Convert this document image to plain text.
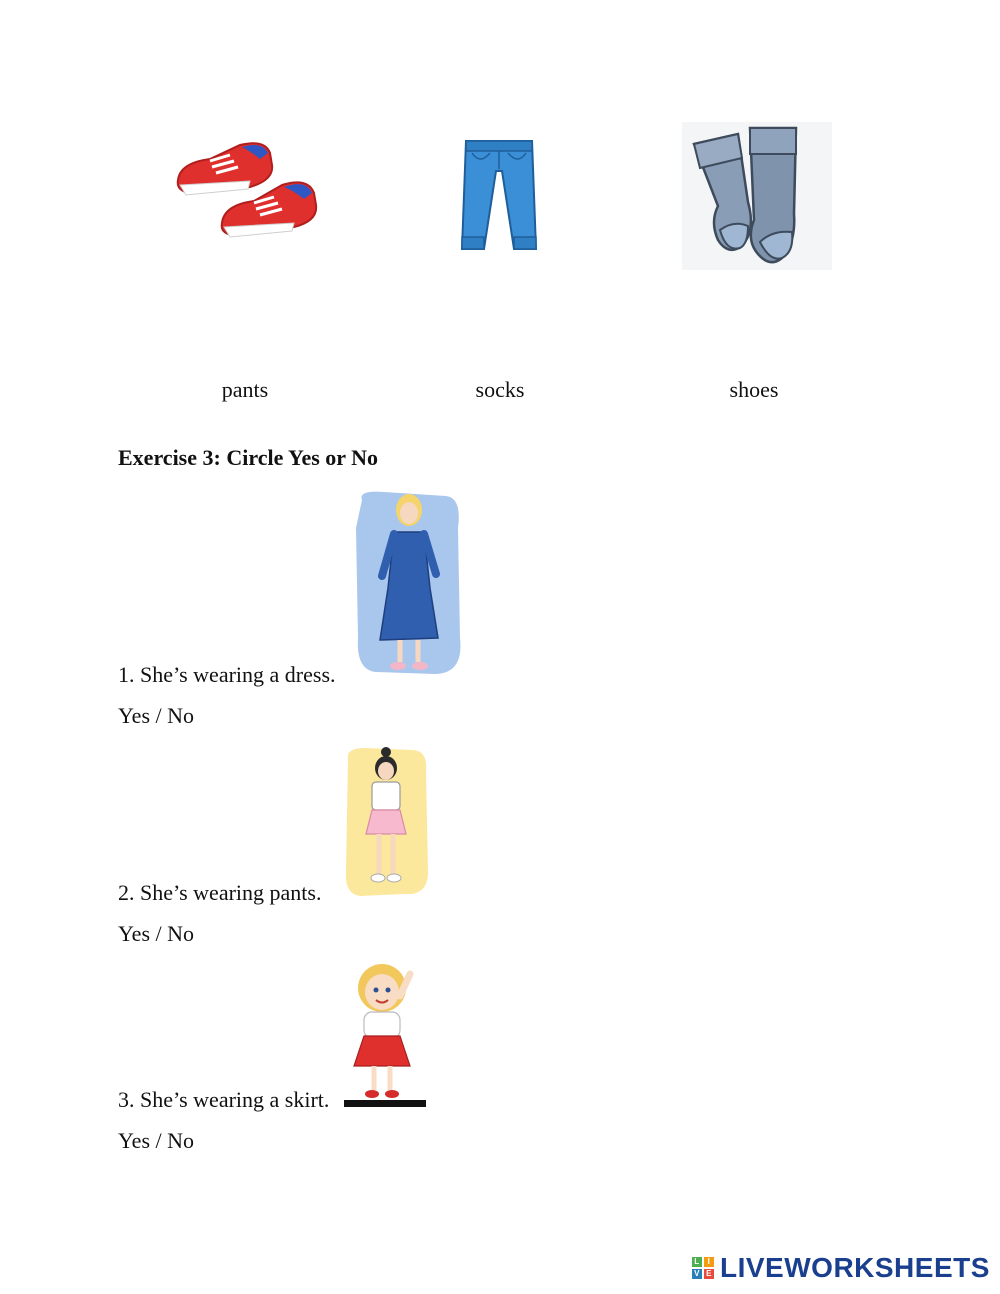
pants	socks	shoes
Exercise 3: Circle Yes or No
1. She’s wearing a dress.
Yes / No
2. She’s wearing pants.
Yes / No
3. She’s wearing a skirt.
Yes / No
L I
V E LIVEWORKSHEETS
